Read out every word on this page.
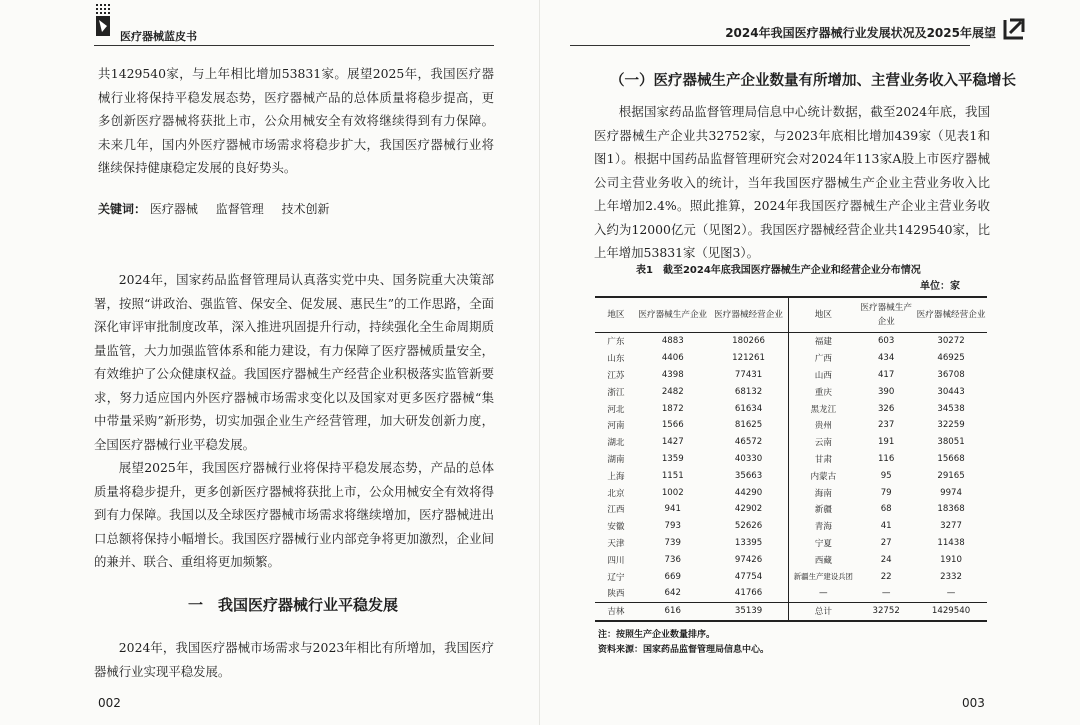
医疗器械蓝皮书

共1429540家，与上年相比增加53831家。展望2025年，我国医疗器械行业将保持平稳发展态势，医疗器械产品的总体质量将稳步提高，更多创新医疗器械将获批上市，公众用械安全有效将继续得到有力保障。未来几年，国内外医疗器械市场需求将稳步扩大，我国医疗器械行业将继续保持健康稳定发展的良好势头。

关键词： 医疗器械 监督管理 技术创新

2024年，国家药品监督管理局认真落实党中央、国务院重大决策部署，按照“讲政治、强监管、保安全、促发展、惠民生”的工作思路，全面深化审评审批制度改革，深入推进巩固提升行动，持续强化全生命周期质量监管，大力加强监管体系和能力建设，有力保障了医疗器械质量安全，有效维护了公众健康权益。我国医疗器械生产经营企业积极落实监管新要求，努力适应国内外医疗器械市场需求变化以及国家对更多医疗器械“集中带量采购”新形势，切实加强企业生产经营管理，加大研发创新力度，全国医疗器械行业平稳发展。

展望2025年，我国医疗器械行业将保持平稳发展态势，产品的总体质量将稳步提升，更多创新医疗器械将获批上市，公众用械安全有效将得到有力保障。我国以及全球医疗器械市场需求将继续增加，医疗器械进出口总额将保持小幅增长。我国医疗器械行业内部竞争将更加激烈，企业间的兼并、联合、重组将更加频繁。

一　我国医疗器械行业平稳发展

2024年，我国医疗器械市场需求与2023年相比有所增加，我国医疗器械行业实现平稳发展。

002
2024年我国医疗器械行业发展状况及2025年展望
（一）医疗器械生产企业数量有所增加、主营业务收入平稳增长

根据国家药品监督管理局信息中心统计数据，截至2024年底，我国医疗器械生产企业共32752家，与2023年底相比增加439家（见表1和图1）。根据中国药品监督管理研究会对2024年113家A股上市医疗器械公司主营业务收入的统计，当年我国医疗器械生产企业主营业务收入比上年增加2.4%。照此推算，2024年我国医疗器械生产企业主营业务收入约为12000亿元（见图2）。我国医疗器械经营企业共1429540家，比上年增加53831家（见图3）。

表1　截至2024年底我国医疗器械生产企业和经营企业分布情况
单位：家
地区	医疗器械生产企业	医疗器械经营企业	地区	医疗器械生产企业	医疗器械经营企业
广东	4883	180266	福建	603	30272
山东	4406	121261	广西	434	46925
江苏	4398	77431	山西	417	36708
浙江	2482	68132	重庆	390	30443
河北	1872	61634	黑龙江	326	34538
河南	1566	81625	贵州	237	32259
湖北	1427	46572	云南	191	38051
湖南	1359	40330	甘肃	116	15668
上海	1151	35663	内蒙古	95	29165
北京	1002	44290	海南	79	9974
江西	941	42902	新疆	68	18368
安徽	793	52626	青海	41	3277
天津	739	13395	宁夏	27	11438
四川	736	97426	西藏	24	1910
辽宁	669	47754	新疆生产建设兵团	22	2332
陕西	642	41766	—	—	—
吉林	616	35139	总计	32752	1429540
注：按照生产企业数量排序。
资料来源：国家药品监督管理局信息中心。
003
